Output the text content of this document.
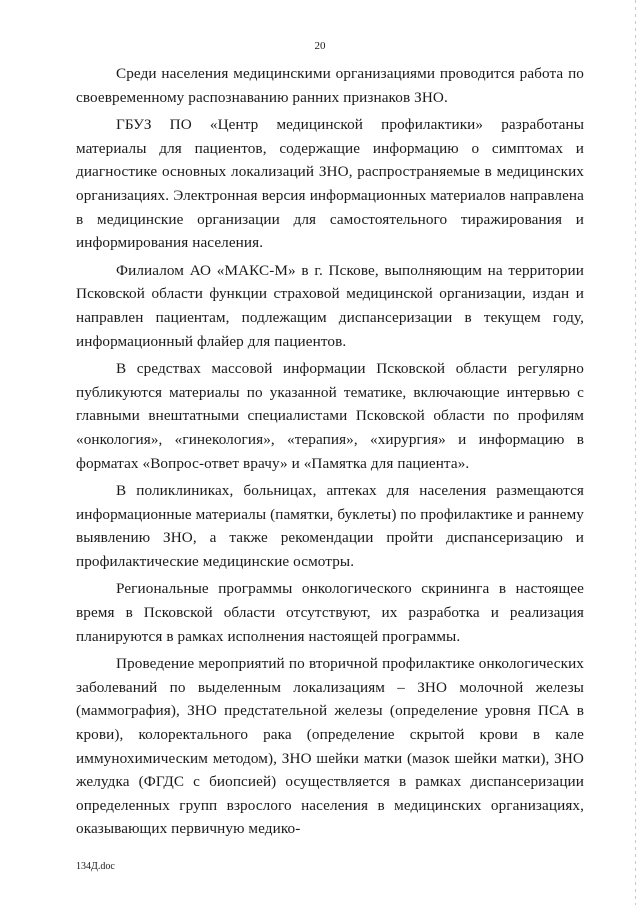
20

Среди населения медицинскими организациями проводится работа по своевременному распознаванию ранних признаков ЗНО.

ГБУЗ ПО «Центр медицинской профилактики» разработаны материалы для пациентов, содержащие информацию о симптомах и диагностике основных локализаций ЗНО, распространяемые в медицинских организациях. Электронная версия информационных материалов направлена в медицинские организации для самостоятельного тиражирования и информирования населения.

Филиалом АО «МАКС-М» в г. Пскове, выполняющим на территории Псковской области функции страховой медицинской организации, издан и направлен пациентам, подлежащим диспансеризации в текущем году, информационный флайер для пациентов.

В средствах массовой информации Псковской области регулярно публикуются материалы по указанной тематике, включающие интервью с главными внештатными специалистами Псковской области по профилям «онкология», «гинекология», «терапия», «хирургия» и информацию в форматах «Вопрос-ответ врачу» и «Памятка для пациента».

В поликлиниках, больницах, аптеках для населения размещаются информационные материалы (памятки, буклеты) по профилактике и раннему выявлению ЗНО, а также рекомендации пройти диспансеризацию и профилактические медицинские осмотры.

Региональные программы онкологического скрининга в настоящее время в Псковской области отсутствуют, их разработка и реализация планируются в рамках исполнения настоящей программы.

Проведение мероприятий по вторичной профилактике онкологических заболеваний по выделенным локализациям – ЗНО молочной железы (маммография), ЗНО предстательной железы (определение уровня ПСА в крови), колоректального рака (определение скрытой крови в кале иммунохимическим методом), ЗНО шейки матки (мазок шейки матки), ЗНО желудка (ФГДС с биопсией) осуществляется в рамках диспансеризации определенных групп взрослого населения в медицинских организациях, оказывающих первичную медико-

134Д.doc
